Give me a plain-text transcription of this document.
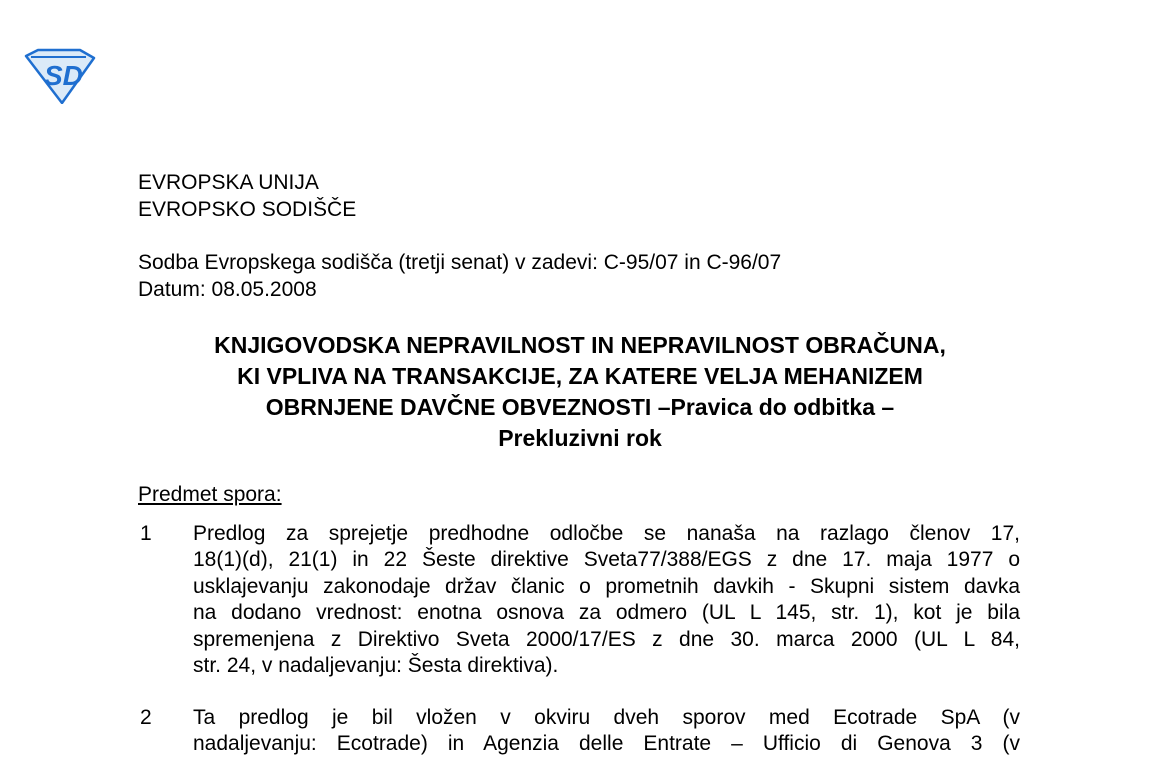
SD
EVROPSKA UNIJA
EVROPSKO SODIŠČE
Sodba Evropskega sodišča (tretji senat) v zadevi: C-95/07 in C-96/07
Datum: 08.05.2008
KNJIGOVODSKA NEPRAVILNOST IN NEPRAVILNOST OBRAČUNA,
KI VPLIVA NA TRANSAKCIJE, ZA KATERE VELJA MEHANIZEM
OBRNJENE DAVČNE OBVEZNOSTI –Pravica do odbitka –
Prekluzivni rok
Predmet spora:
1 Predlog za sprejetje predhodne odločbe se nanaša na razlago členov 17,
18(1)(d), 21(1) in 22 Šeste direktive Sveta77/388/EGS z dne 17. maja 1977 o
usklajevanju zakonodaje držav članic o prometnih davkih - Skupni sistem davka
na dodano vrednost: enotna osnova za odmero (UL L 145, str. 1), kot je bila
spremenjena z Direktivo Sveta 2000/17/ES z dne 30. marca 2000 (UL L 84,
str. 24, v nadaljevanju: Šesta direktiva).
2 Ta predlog je bil vložen v okviru dveh sporov med Ecotrade SpA (v
nadaljevanju: Ecotrade) in Agenzia delle Entrate – Ufficio di Genova 3 (v
